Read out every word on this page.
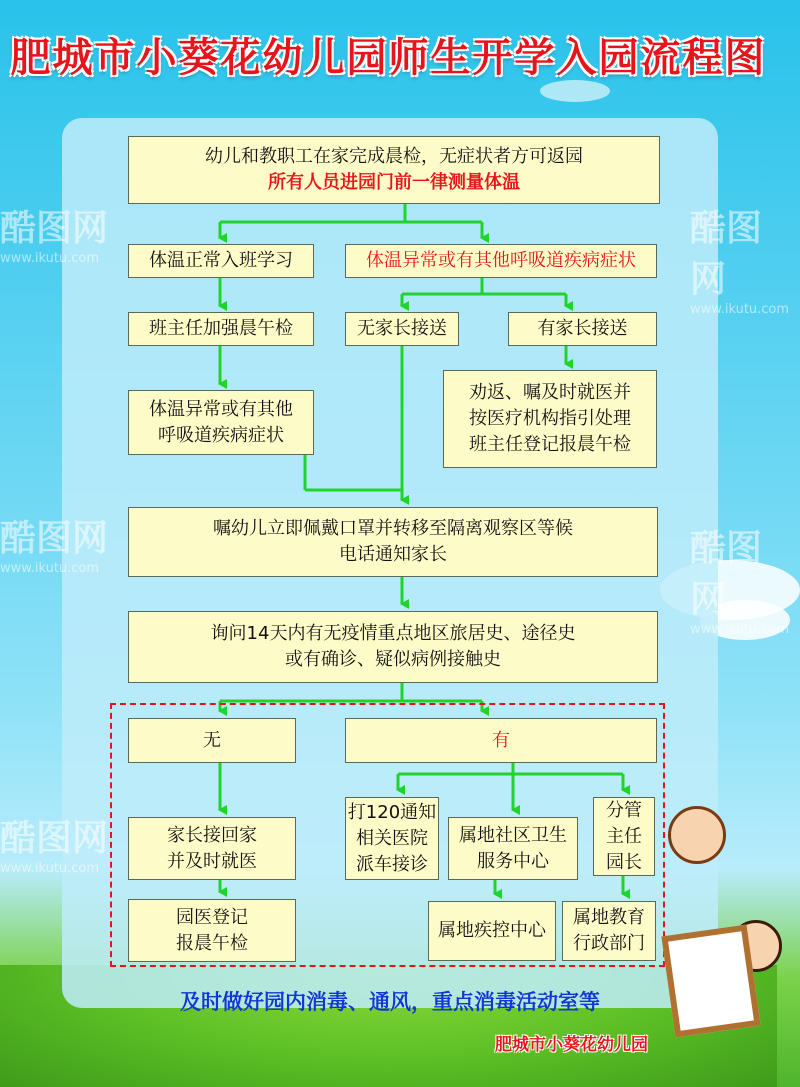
肥城市小葵花幼儿园师生开学入园流程图
酷图网
www.ikutu.com
酷图网
www.ikutu.com
酷图网
www.ikutu.com	酷图网
www.ikutu.com
酷图网
www.ikutu.com
幼儿和教职工在家完成晨检，无症状者方可返园
所有人员进园门前一律测量体温
体温正常入班学习	体温异常或有其他呼吸道疾病症状
班主任加强晨午检	无家长接送	有家长接送
体温异常或有其他
呼吸道疾病症状
劝返、嘱及时就医并
按医疗机构指引处理
班主任登记报晨午检
嘱幼儿立即佩戴口罩并转移至隔离观察区等候
电话通知家长
询问14天内有无疫情重点地区旅居史、途径史
或有确诊、疑似病例接触史
无	有
家长接回家
并及时就医
打120通知
相关医院
派车接诊
属地社区卫生
服务中心
分管
主任
园长
园医登记
报晨午检
属地疾控中心
属地教育
行政部门
及时做好园内消毒、通风，重点消毒活动室等
肥城市小葵花幼儿园
